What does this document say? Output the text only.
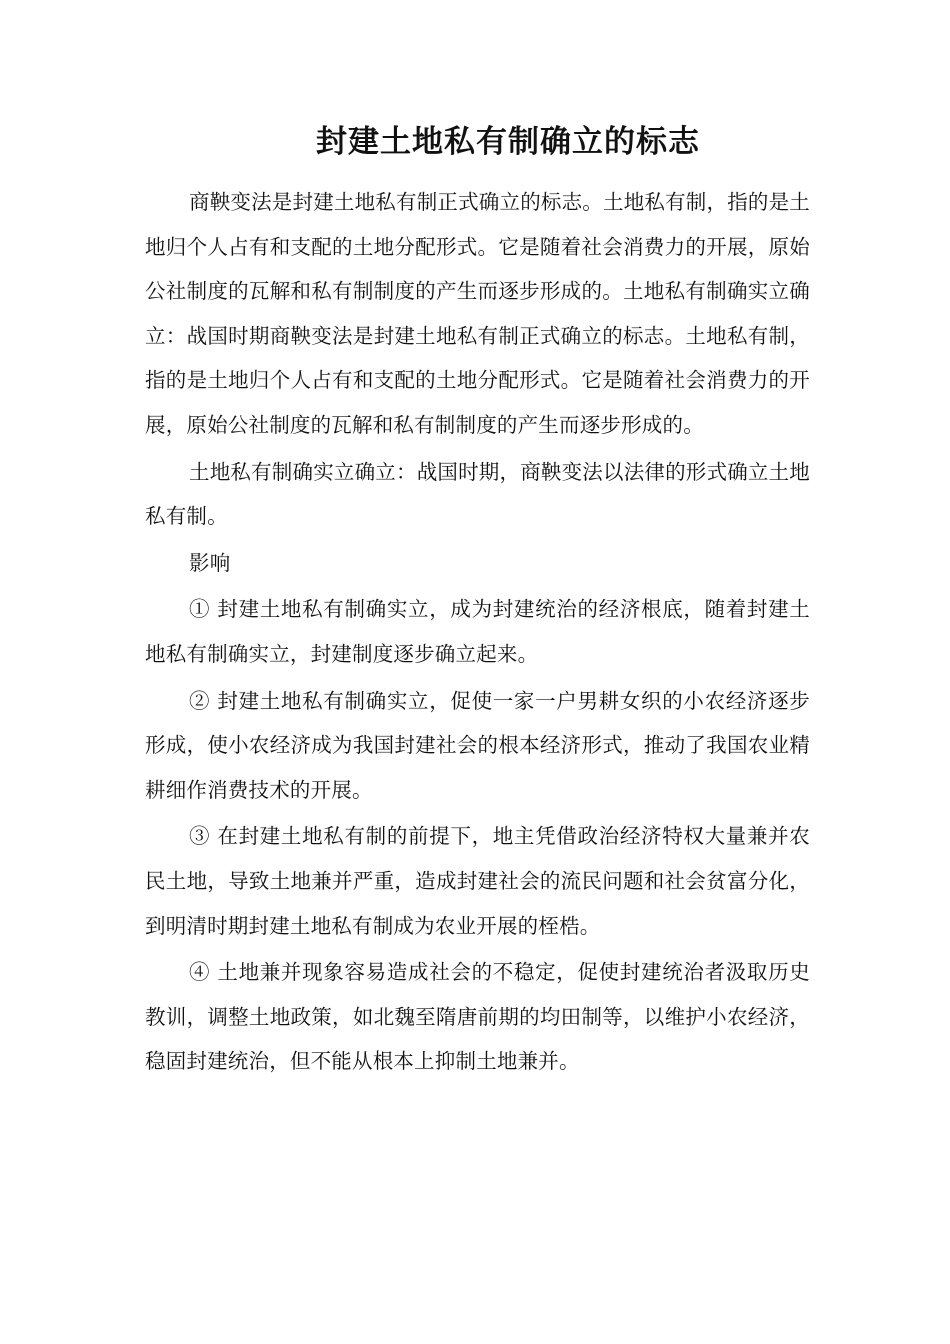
封建土地私有制确立的标志

商鞅变法是封建土地私有制正式确立的标志。土地私有制，指的是土地归个人占有和支配的土地分配形式。它是随着社会消费力的开展，原始公社制度的瓦解和私有制制度的产生而逐步形成的。土地私有制确实立确立：战国时期商鞅变法是封建土地私有制正式确立的标志。土地私有制，指的是土地归个人占有和支配的土地分配形式。它是随着社会消费力的开展，原始公社制度的瓦解和私有制制度的产生而逐步形成的。

土地私有制确实立确立：战国时期，商鞅变法以法律的形式确立土地私有制。

影响

① 封建土地私有制确实立，成为封建统治的经济根底，随着封建土地私有制确实立，封建制度逐步确立起来。

② 封建土地私有制确实立，促使一家一户男耕女织的小农经济逐步形成，使小农经济成为我国封建社会的根本经济形式，推动了我国农业精耕细作消费技术的开展。

③ 在封建土地私有制的前提下，地主凭借政治经济特权大量兼并农民土地，导致土地兼并严重，造成封建社会的流民问题和社会贫富分化，到明清时期封建土地私有制成为农业开展的桎梏。

④ 土地兼并现象容易造成社会的不稳定，促使封建统治者汲取历史教训，调整土地政策，如北魏至隋唐前期的均田制等，以维护小农经济，稳固封建统治，但不能从根本上抑制土地兼并。
